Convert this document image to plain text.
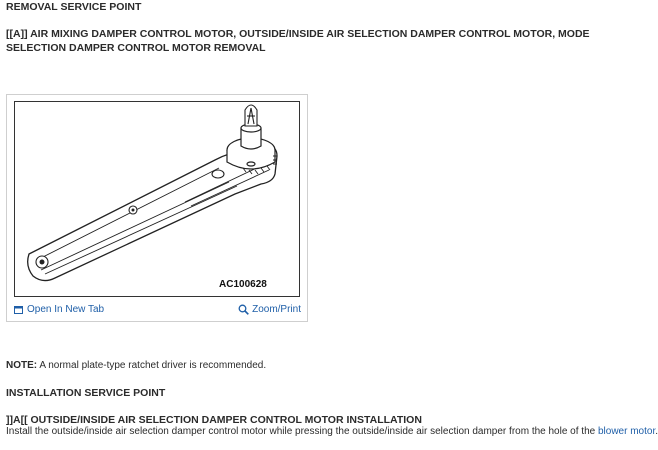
REMOVAL SERVICE POINT
[[A]] AIR MIXING DAMPER CONTROL MOTOR, OUTSIDE/INSIDE AIR SELECTION DAMPER CONTROL MOTOR, MODE SELECTION DAMPER CONTROL MOTOR REMOVAL
AC100628
Open In New Tab	Zoom/Print
NOTE: A normal plate-type ratchet driver is recommended.
INSTALLATION SERVICE POINT
]]A[[ OUTSIDE/INSIDE AIR SELECTION DAMPER CONTROL MOTOR INSTALLATION
Install the outside/inside air selection damper control motor while pressing the outside/inside air selection damper from the hole of the blower motor.
